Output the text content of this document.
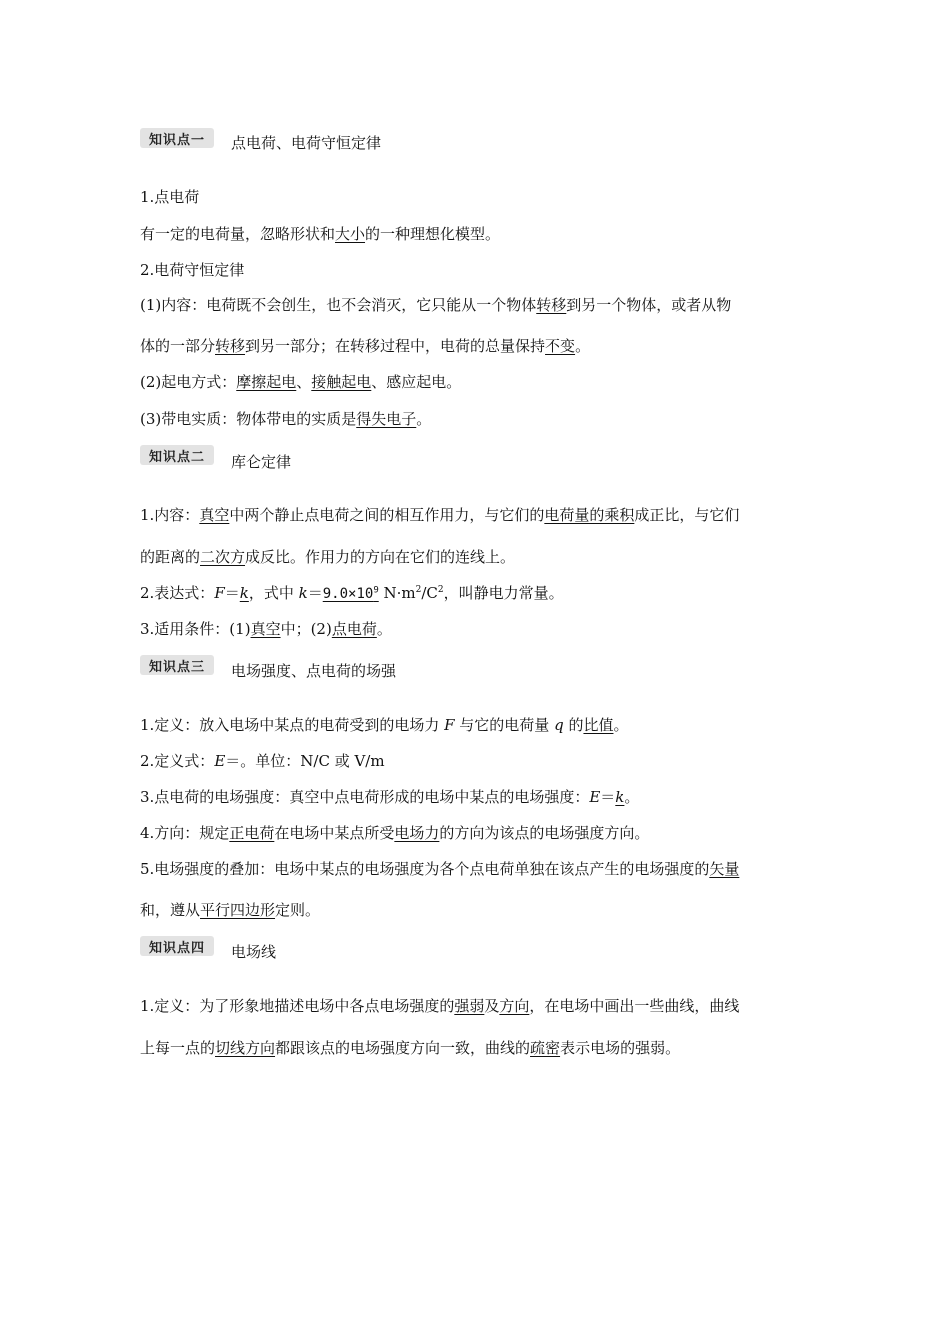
知识点一	点电荷、电荷守恒定律
1.点电荷
有一定的电荷量，忽略形状和大小的一种理想化模型。
2.电荷守恒定律
(1)内容：电荷既不会创生，也不会消灭，它只能从一个物体转移到另一个物体，或者从物
体的一部分转移到另一部分；在转移过程中，电荷的总量保持不变。
(2)起电方式：摩擦起电、接触起电、感应起电。
(3)带电实质：物体带电的实质是得失电子。
知识点二	库仑定律
1.内容：真空中两个静止点电荷之间的相互作用力，与它们的电荷量的乘积成正比，与它们
的距离的二次方成反比。作用力的方向在它们的连线上。
2.表达式：F＝k，式中 $k=9.0\times 10^9$ $N\cdot m^2/C^2$，叫静电力常量。
3.适用条件：(1)真空中；(2)点电荷。
知识点三	电场强度、点电荷的场强
1.定义：放入电场中某点的电荷受到的电场力 F 与它的电荷量 q 的比值。
2.定义式：E＝。单位：N/C 或 V/m
3.点电荷的电场强度：真空中点电荷形成的电场中某点的电场强度：E＝k。
4.方向：规定正电荷在电场中某点所受电场力的方向为该点的电场强度方向。
5.电场强度的叠加：电场中某点的电场强度为各个点电荷单独在该点产生的电场强度的矢量
和，遵从平行四边形定则。
知识点四	电场线
1.定义：为了形象地描述电场中各点电场强度的强弱及方向，在电场中画出一些曲线，曲线
上每一点的切线方向都跟该点的电场强度方向一致，曲线的疏密表示电场的强弱。
